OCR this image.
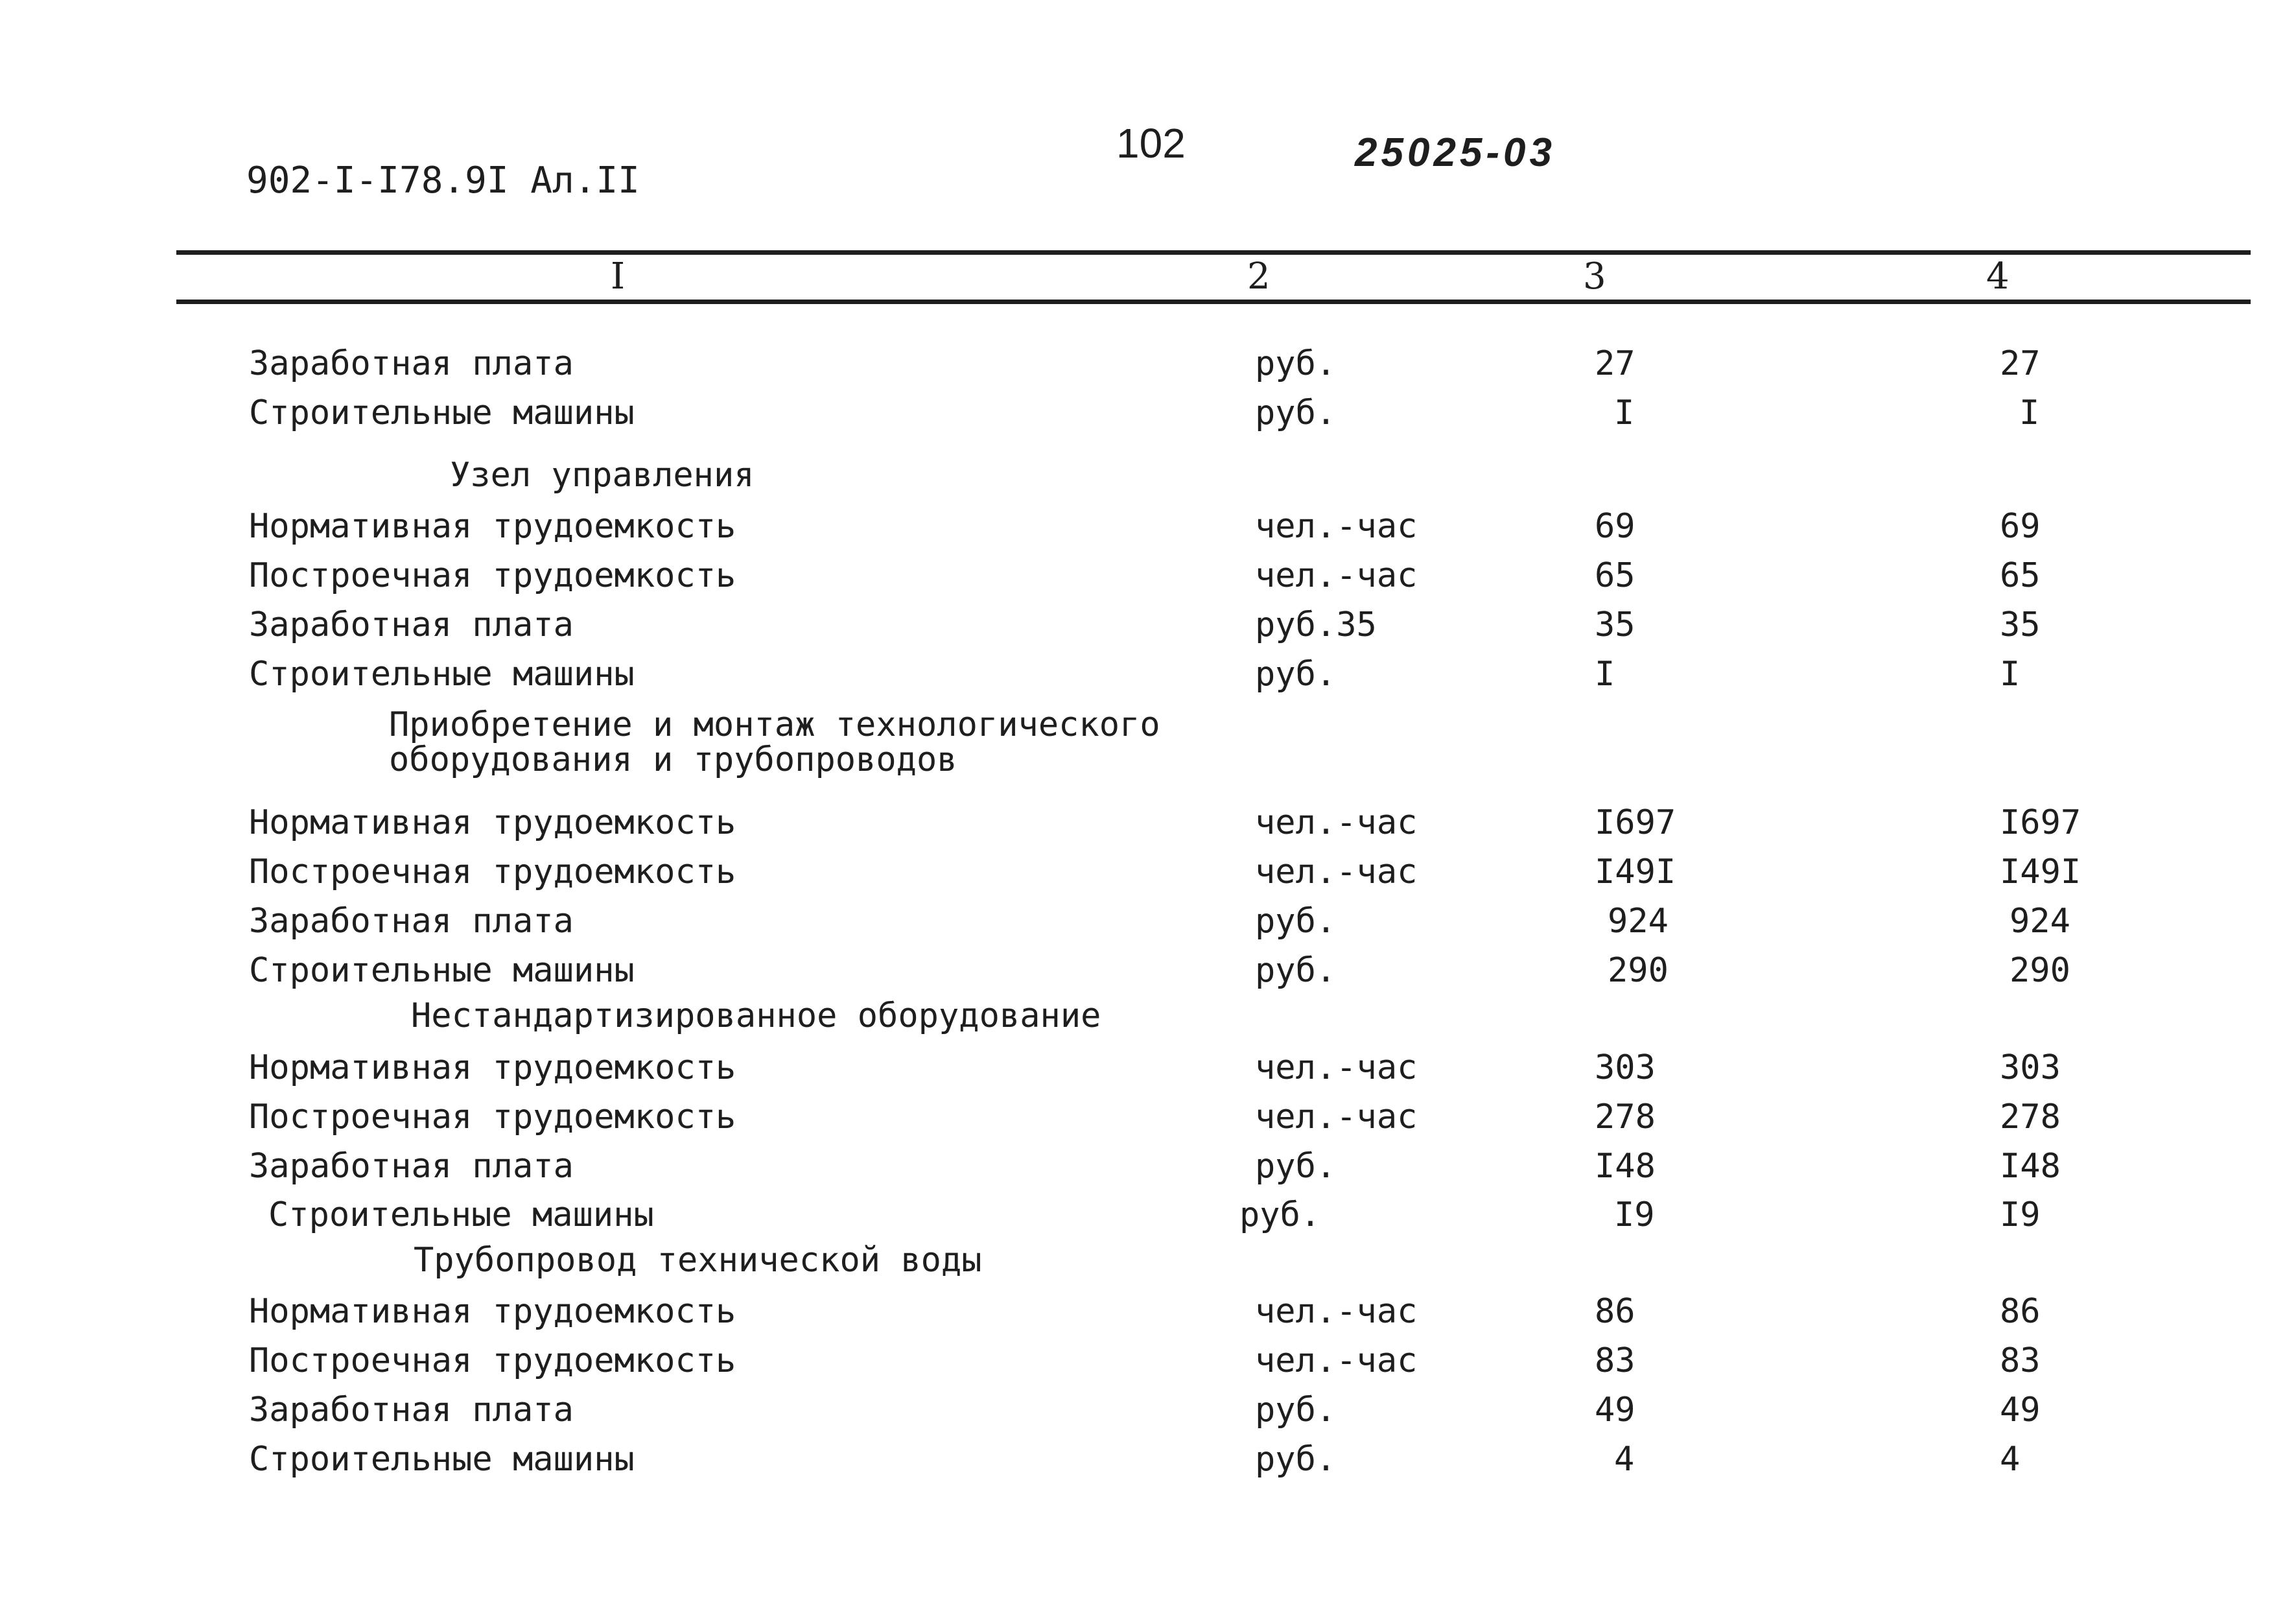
902-I-I78.9I Ал.II
102	25025-03
I	2	3	4
Заработная плата	руб.	27	27
Строительные машины	руб.	I	I
Узел управления
Нормативная трудоемкость	чел.-час	69	69
Построечная трудоемкость	чел.-час	65	65
Заработная плата	руб.35	35	35
Строительные машины	руб.	I	I
Приобретение и монтаж технологического
оборудования и трубопроводов
Нормативная трудоемкость	чел.-час	I697	I697
Построечная трудоемкость	чел.-час	I49I	I49I
Заработная плата	руб.	924	924
Строительные машины	руб.	290	290
Нестандартизированное оборудование
Нормативная трудоемкость	чел.-час	303	303
Построечная трудоемкость	чел.-час	278	278
Заработная плата	руб.	I48	I48
Строительные машины	руб.	I9	I9
Трубопровод технической воды
Нормативная трудоемкость	чел.-час	86	86
Построечная трудоемкость	чел.-час	83	83
Заработная плата	руб.	49	49
Строительные машины	руб.	4	4
